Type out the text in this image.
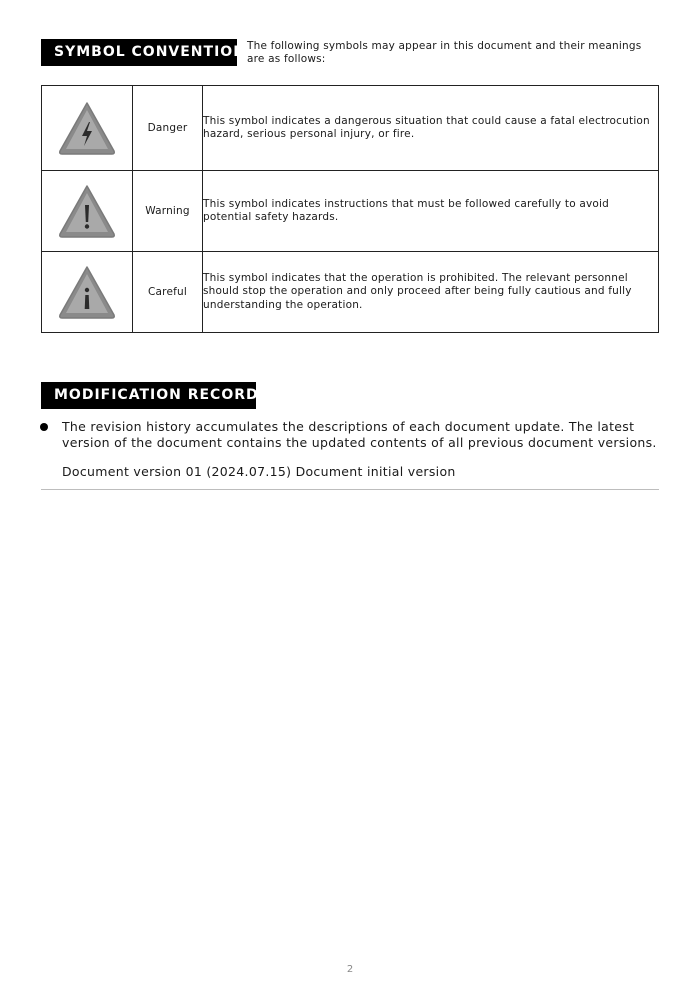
SYMBOL CONVENTION The following symbols may appear in this document and their meanings are as follows:
	Danger	This symbol indicates a dangerous situation that could cause a fatal electrocution hazard, serious personal injury, or fire.

	Warning	This symbol indicates instructions that must be followed carefully to avoid potential safety hazards.

	Careful	This symbol indicates that the operation is prohibited. The relevant personnel should stop the operation and only proceed after being fully cautious and fully understanding the operation.
MODIFICATION RECORDS
The revision history accumulates the descriptions of each document update. The latest version of the document contains the updated contents of all previous document versions.
Document version 01 (2024.07.15) Document initial version
2
